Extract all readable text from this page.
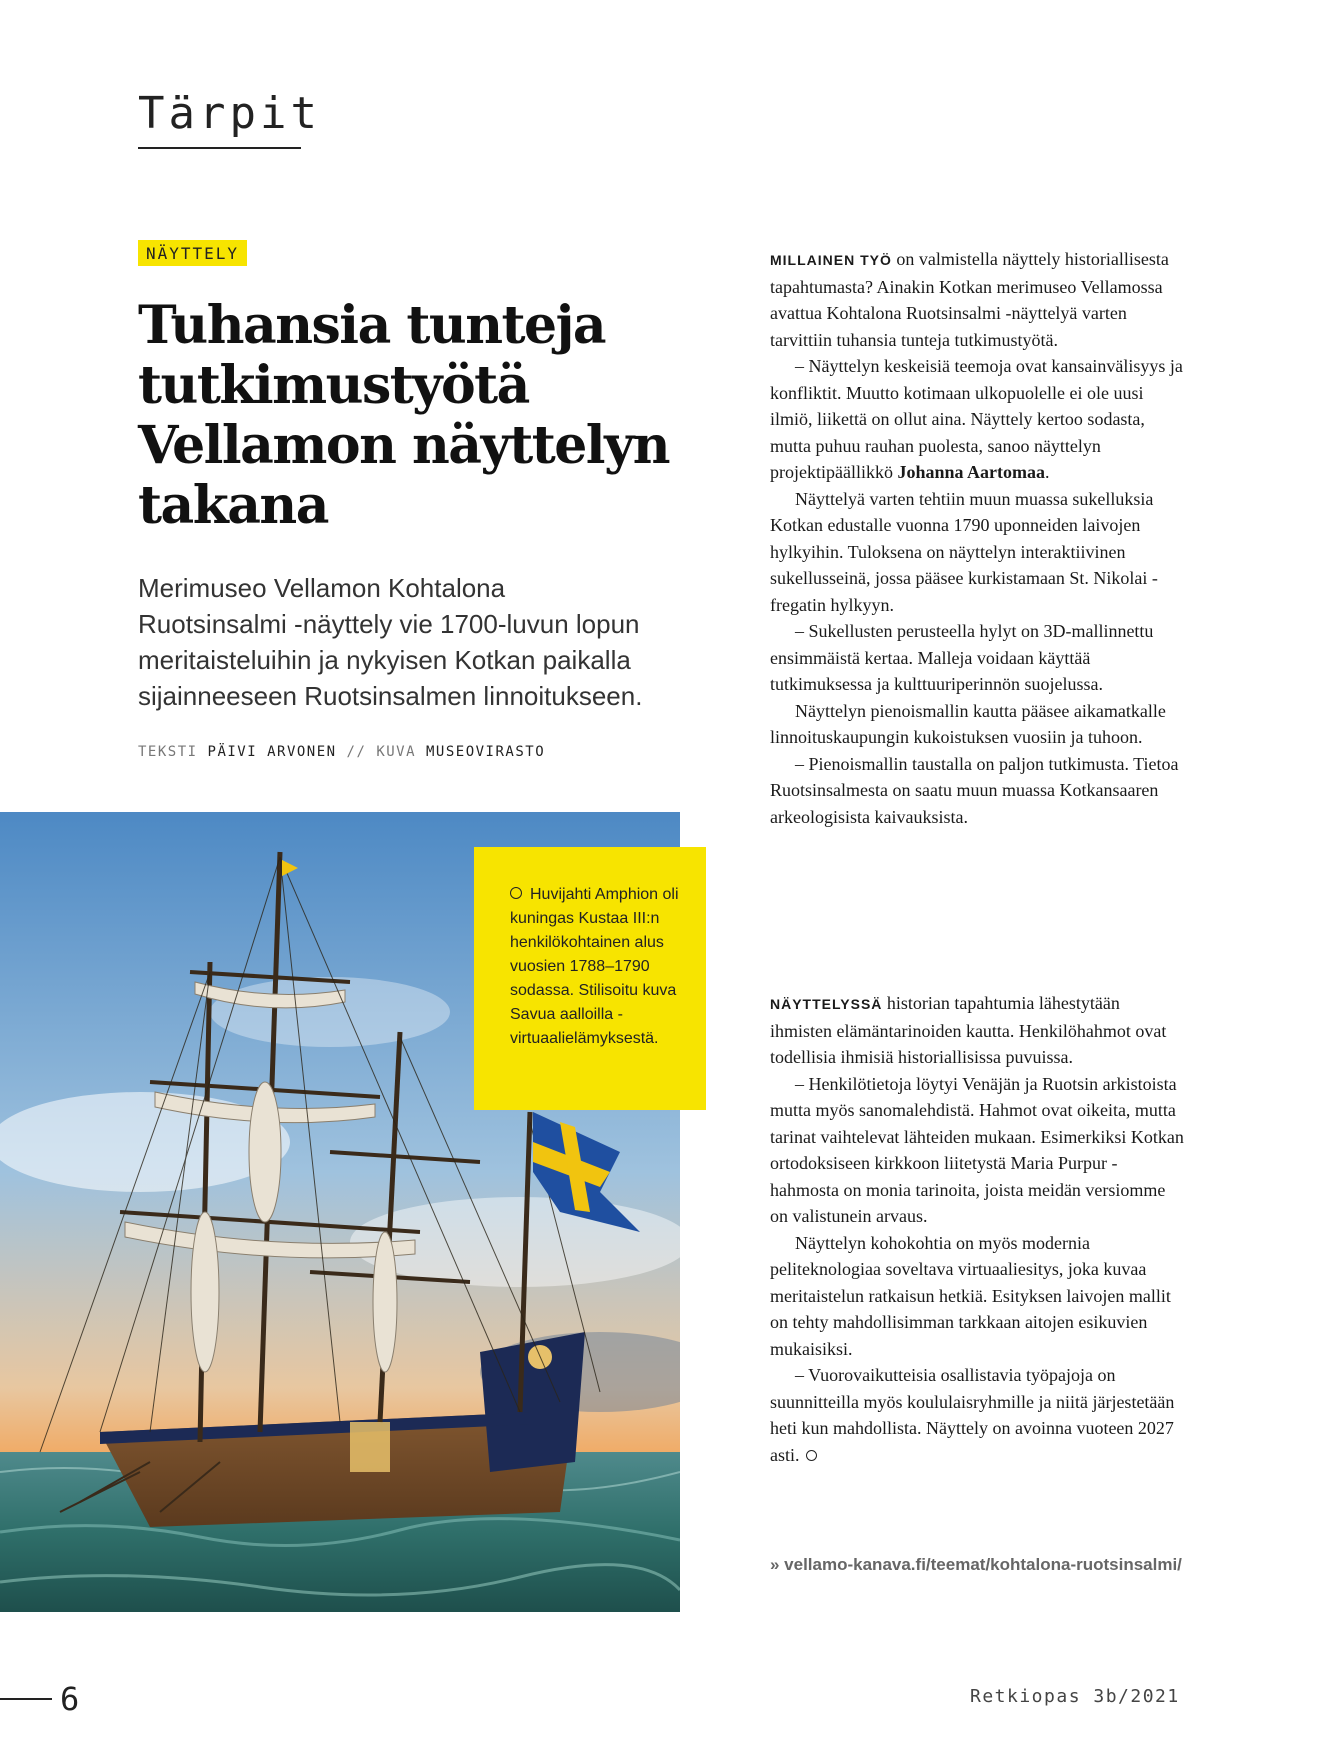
Tärpit
NÄYTTELY
Tuhansia tunteja tutkimustyötä Vellamon näyttelyn takana

Merimuseo Vellamon Kohtalona Ruotsinsalmi -näyttely vie 1700-luvun lopun meritaisteluihin ja nykyisen Kotkan paikalla sijainneeseen Ruotsinsalmen linnoitukseen.

TEKSTI PÄIVI ARVONEN // KUVA MUSEOVIRASTO
Huvijahti Amphion oli kuningas Kustaa III:n henkilökohtainen alus vuosien 1788–1790 sodassa. Stilisoitu kuva Savua aalloilla -virtuaalielämyksestä.

MILLAINEN TYÖ on valmistella näyttely historiallisesta tapahtumasta? Ainakin Kotkan merimuseo Vellamossa avattua Kohtalona Ruotsinsalmi -näyttelyä varten tarvittiin tuhansia tunteja tutkimustyötä.

– Näyttelyn keskeisiä teemoja ovat kansainvälisyys ja konfliktit. Muutto kotimaan ulkopuolelle ei ole uusi ilmiö, liikettä on ollut aina. Näyttely kertoo sodasta, mutta puhuu rauhan puolesta, sanoo näyttelyn projektipäällikkö Johanna Aartomaa.

Näyttelyä varten tehtiin muun muassa sukelluksia Kotkan edustalle vuonna 1790 uponneiden laivojen hylkyihin. Tuloksena on näyttelyn interaktiivinen sukellusseinä, jossa pääsee kurkistamaan St. Nikolai -fregatin hylkyyn.

– Sukellusten perusteella hylyt on 3D-mallinnettu ensimmäistä kertaa. Malleja voidaan käyttää tutkimuksessa ja kulttuuriperinnön suojelussa.

Näyttelyn pienoismallin kautta pääsee aikamatkalle linnoituskaupungin kukoistuksen vuosiin ja tuhoon.

– Pienoismallin taustalla on paljon tutkimusta. Tietoa Ruotsinsalmesta on saatu muun muassa Kotkansaaren arkeologisista kaivauksista.

NÄYTTELYSSÄ historian tapahtumia lähestytään ihmisten elämäntarinoiden kautta. Henkilöhahmot ovat todellisia ihmisiä historiallisissa puvuissa.

– Henkilötietoja löytyi Venäjän ja Ruotsin arkistoista mutta myös sanomalehdistä. Hahmot ovat oikeita, mutta tarinat vaihtelevat lähteiden mukaan. Esimerkiksi Kotkan ortodoksiseen kirkkoon liitetystä Maria Purpur -hahmosta on monia tarinoita, joista meidän versiomme on valistunein arvaus.

Näyttelyn kohokohtia on myös modernia peliteknologiaa soveltava virtuaaliesitys, joka kuvaa meritaistelun ratkaisun hetkiä. Esityksen laivojen mallit on tehty mahdollisimman tarkkaan aitojen esikuvien mukaisiksi.

– Vuorovaikutteisia osallistavia työpajoja on suunnitteilla myös koululaisryhmille ja niitä järjestetään heti kun mahdollista. Näyttely on avoinna vuoteen 2027 asti.

» vellamo-kanava.fi/teemat/kohtalona-ruotsinsalmi/
6	Retkiopas 3b/2021
